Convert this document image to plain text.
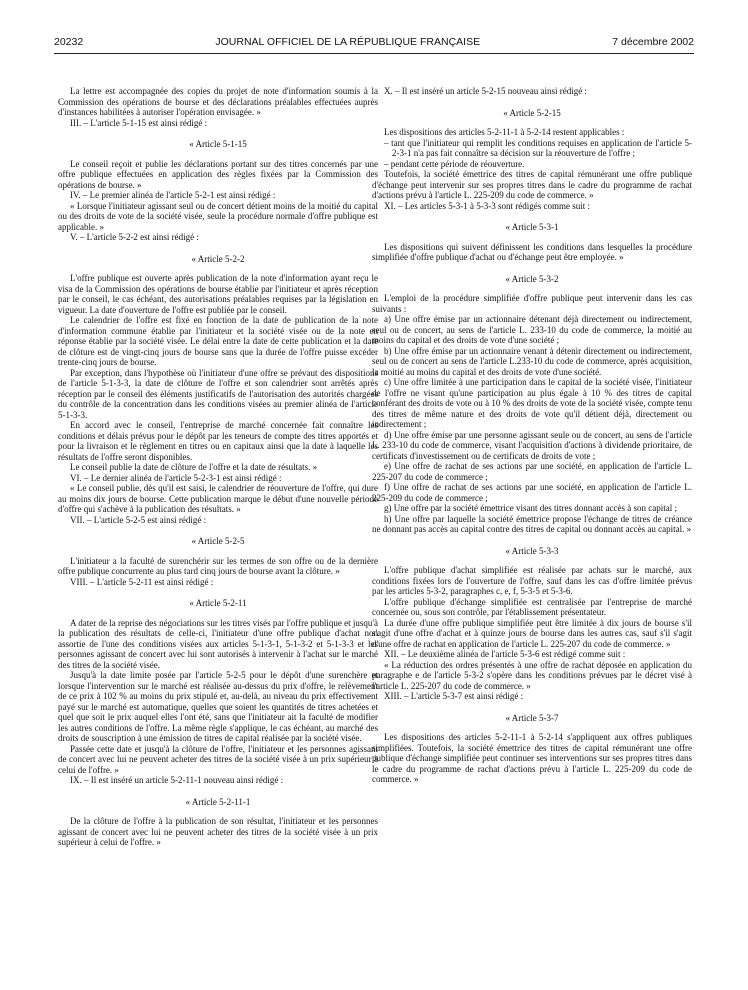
20232	JOURNAL OFFICIEL DE LA RÉPUBLIQUE FRANÇAISE	7 décembre 2002

La lettre est accompagnée des copies du projet de note d'information soumis à la Commission des opérations de bourse et des déclarations préalables effectuées auprès d'instances habilitées à autoriser l'opération envisagée. »

III. – L'article 5-1-15 est ainsi rédigé :

« Article 5-1-15

Le conseil reçoit et publie les déclarations portant sur des titres concernés par une offre publique effectuées en application des règles fixées par la Commission des opérations de bourse. »

IV. – Le premier alinéa de l'article 5-2-1 est ainsi rédigé :

« Lorsque l'initiateur agissant seul ou de concert détient moins de la moitié du capital ou des droits de vote de la société visée, seule la procédure normale d'offre publique est applicable. »

V. – L'article 5-2-2 est ainsi rédigé :

« Article 5-2-2

L'offre publique est ouverte après publication de la note d'information ayant reçu le visa de la Commission des opérations de bourse établie par l'initiateur et après réception par le conseil, le cas échéant, des autorisations préalables requises par la législation en vigueur. La date d'ouverture de l'offre est publiée par le conseil.

Le calendrier de l'offre est fixé en fonction de la date de publication de la note d'information commune établie par l'initiateur et la société visée ou de la note en réponse établie par la société visée. Le délai entre la date de cette publication et la date de clôture est de vingt-cinq jours de bourse sans que la durée de l'offre puisse excéder trente-cinq jours de bourse.

Par exception, dans l'hypothèse où l'initiateur d'une offre se prévaut des dispositions de l'article 5-1-3-3, la date de clôture de l'offre et son calendrier sont arrêtés après réception par le conseil des éléments justificatifs de l'autorisation des autorités chargées du contrôle de la concentration dans les conditions visées au premier alinéa de l'article 5-1-3-3.

En accord avec le conseil, l'entreprise de marché concernée fait connaître les conditions et délais prévus pour le dépôt par les teneurs de compte des titres apportés et pour la livraison et le règlement en titres ou en capitaux ainsi que la date à laquelle les résultats de l'offre seront disponibles.

Le conseil publie la date de clôture de l'offre et la date de résultats. »

VI. – Le dernier alinéa de l'article 5-2-3-1 est ainsi rédigé :

« Le conseil publie, dès qu'il est saisi, le calendrier de réouverture de l'offre, qui dure au moins dix jours de bourse. Cette publication marque le début d'une nouvelle période d'offre qui s'achève à la publication des résultats. »

VII. – L'article 5-2-5 est ainsi rédigé :

« Article 5-2-5

L'initiateur a la faculté de surenchérir sur les termes de son offre ou de la dernière offre publique concurrente au plus tard cinq jours de bourse avant la clôture. »

VIII. – L'article 5-2-11 est ainsi rédigé :

« Article 5-2-11

A dater de la reprise des négociations sur les titres visés par l'offre publique et jusqu'à la publication des résultats de celle-ci, l'initiateur d'une offre publique d'achat non assortie de l'une des conditions visées aux articles 5-1-3-1, 5-1-3-2 et 5-1-3-3 et les personnes agissant de concert avec lui sont autorisés à intervenir à l'achat sur le marché des titres de la société visée.

Jusqu'à la date limite posée par l'article 5-2-5 pour le dépôt d'une surenchère et lorsque l'intervention sur le marché est réalisée au-dessus du prix d'offre, le relèvement de ce prix à 102 % au moins du prix stipulé et, au-delà, au niveau du prix effectivement payé sur le marché est automatique, quelles que soient les quantités de titres achetées et quel que soit le prix auquel elles l'ont été, sans que l'initiateur ait la faculté de modifier les autres conditions de l'offre. La même règle s'applique, le cas échéant, au marché des droits de souscription à une émission de titres de capital réalisée par la société visée.

Passée cette date et jusqu'à la clôture de l'offre, l'initiateur et les personnes agissant de concert avec lui ne peuvent acheter des titres de la société visée à un prix supérieur à celui de l'offre. »

IX. – Il est inséré un article 5-2-11-1 nouveau ainsi rédigé :

« Article 5-2-11-1

De la clôture de l'offre à la publication de son résultat, l'initiateur et les personnes agissant de concert avec lui ne peuvent acheter des titres de la société visée à un prix supérieur à celui de l'offre. »

X. – Il est inséré un article 5-2-15 nouveau ainsi rédigé :

« Article 5-2-15

Les dispositions des articles 5-2-11-1 à 5-2-14 restent applicables :

– tant que l'initiateur qui remplit les conditions requises en application de l'article 5-2-3-1 n'a pas fait connaître sa décision sur la réouverture de l'offre ;
– pendant cette période de réouverture.

Toutefois, la société émettrice des titres de capital rémunérant une offre publique d'échange peut intervenir sur ses propres titres dans le cadre du programme de rachat d'actions prévu à l'article L. 225-209 du code de commerce. »

XI. – Les articles 5-3-1 à 5-3-3 sont rédigés comme suit :

« Article 5-3-1

Les dispositions qui suivent définissent les conditions dans lesquelles la procédure simplifiée d'offre publique d'achat ou d'échange peut être employée. »

« Article 5-3-2

L'emploi de la procédure simplifiée d'offre publique peut intervenir dans les cas suivants :

a) Une offre émise par un actionnaire détenant déjà directement ou indirectement, seul ou de concert, au sens de l'article L. 233-10 du code de commerce, la moitié au moins du capital et des droits de vote d'une société ;

b) Une offre émise par un actionnaire venant à détenir directement ou indirectement, seul ou de concert au sens de l'article L.233-10 du code de commerce, après acquisition, la moitié au moins du capital et des droits de vote d'une société.

c) Une offre limitée à une participation dans le capital de la société visée, l'initiateur de l'offre ne visant qu'une participation au plus égale à 10 % des titres de capital conférant des droits de vote ou à 10 % des droits de vote de la société visée, compte tenu des titres de même nature et des droits de vote qu'il détient déjà, directement ou indirectement ;

d) Une offre émise par une personne agissant seule ou de concert, au sens de l'article L. 233-10 du code de commerce, visant l'acquisition d'actions à dividende prioritaire, de certificats d'investissement ou de certificats de droits de vote ;

e) Une offre de rachat de ses actions par une société, en application de l'article L. 225-207 du code de commerce ;

f) Une offre de rachat de ses actions par une société, en application de l'article L. 225-209 du code de commerce ;

g) Une offre par la société émettrice visant des titres donnant accès à son capital ;

h) Une offre par laquelle la société émettrice propose l'échange de titres de créance ne donnant pas accès au capital contre des titres de capital ou donnant accès au capital. »

« Article 5-3-3

L'offre publique d'achat simplifiée est réalisée par achats sur le marché, aux conditions fixées lors de l'ouverture de l'offre, sauf dans les cas d'offre limitée prévus par les articles 5-3-2, paragraphes c, e, f, 5-3-5 et 5-3-6.

L'offre publique d'échange simplifiée est centralisée par l'entreprise de marché concernée ou, sous son contrôle, par l'établissement présentateur.

La durée d'une offre publique simplifiée peut être limitée à dix jours de bourse s'il s'agit d'une offre d'achat et à quinze jours de bourse dans les autres cas, sauf s'il s'agit d'une offre de rachat en application de l'article L. 225-207 du code de commerce. »

XII. – Le deuxième alinéa de l'article 5-3-6 est rédigé comme suit :

« La réduction des ordres présentés à une offre de rachat déposée en application du paragraphe e de l'article 5-3-2 s'opère dans les conditions prévues par le décret visé à l'article L. 225-207 du code de commerce. »

XIII. – L'article 5-3-7 est ainsi rédigé :

« Article 5-3-7

Les dispositions des articles 5-2-11-1 à 5-2-14 s'appliquent aux offres publiques simplifiées. Toutefois, la société émettrice des titres de capital rémunérant une offre publique d'échange simplifiée peut continuer ses interventions sur ses propres titres dans le cadre du programme de rachat d'actions prévu à l'article L. 225-209 du code de commerce. »
